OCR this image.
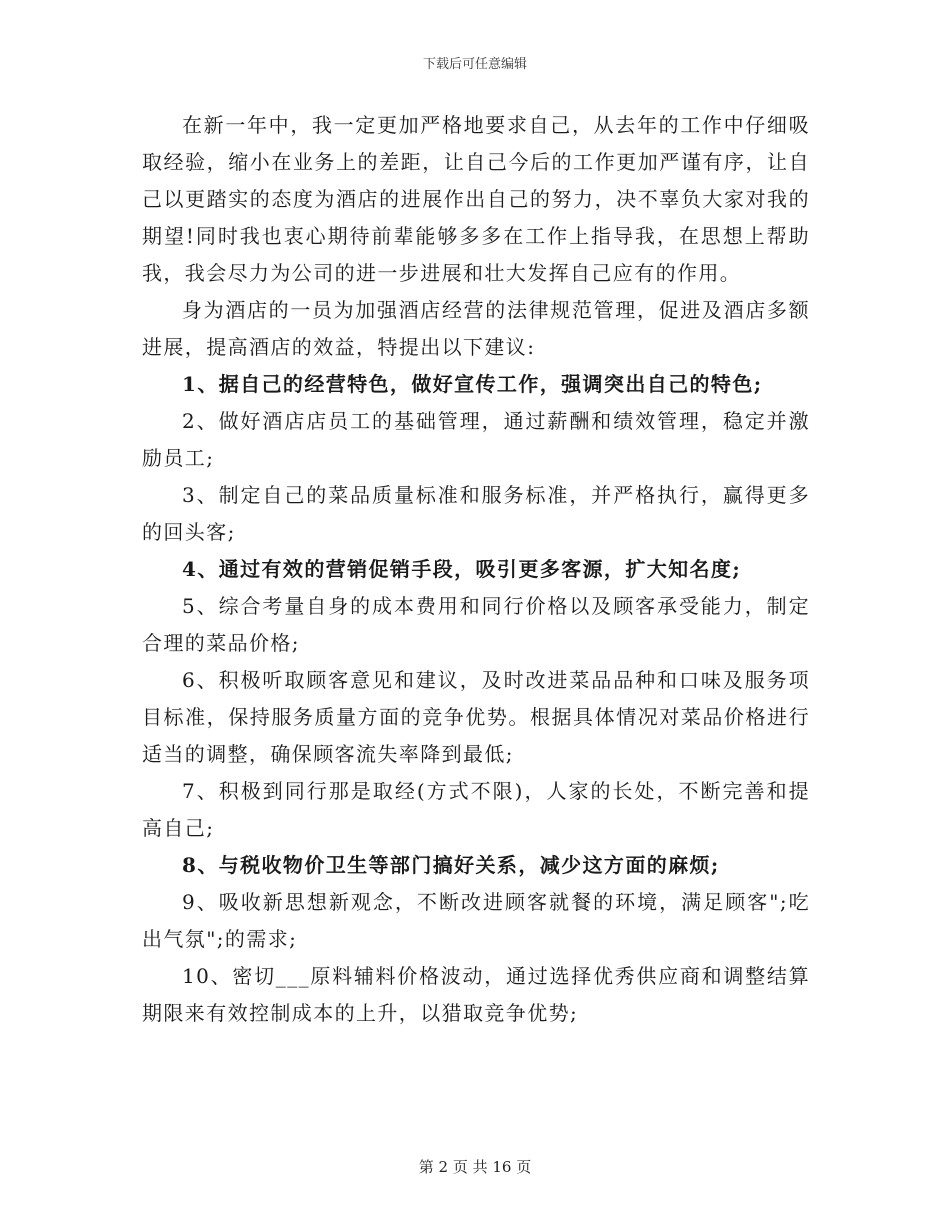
下载后可任意编辑

在新一年中，我一定更加严格地要求自己，从去年的工作中仔细吸取经验，缩小在业务上的差距，让自己今后的工作更加严谨有序，让自己以更踏实的态度为酒店的进展作出自己的努力，决不辜负大家对我的期望!同时我也衷心期待前辈能够多多在工作上指导我，在思想上帮助我，我会尽力为公司的进一步进展和壮大发挥自己应有的作用。

身为酒店的一员为加强酒店经营的法律规范管理，促进及酒店多额进展，提高酒店的效益，特提出以下建议:

1、据自己的经营特色，做好宣传工作，强调突出自己的特色;

2、做好酒店店员工的基础管理，通过薪酬和绩效管理，稳定并激励员工;

3、制定自己的菜品质量标准和服务标准，并严格执行，赢得更多的回头客;

4、通过有效的营销促销手段，吸引更多客源，扩大知名度;

5、综合考量自身的成本费用和同行价格以及顾客承受能力，制定合理的菜品价格;

6、积极听取顾客意见和建议，及时改进菜品品种和口味及服务项目标准，保持服务质量方面的竞争优势。根据具体情况对菜品价格进行适当的调整，确保顾客流失率降到最低;

7、积极到同行那是取经(方式不限)，人家的长处，不断完善和提高自己;

8、与税收物价卫生等部门搞好关系，减少这方面的麻烦;

9、吸收新思想新观念，不断改进顾客就餐的环境，满足顾客";吃出气氛";的需求;

10、密切___原料辅料价格波动，通过选择优秀供应商和调整结算期限来有效控制成本的上升，以猎取竞争优势;

第 2 页 共 16 页
